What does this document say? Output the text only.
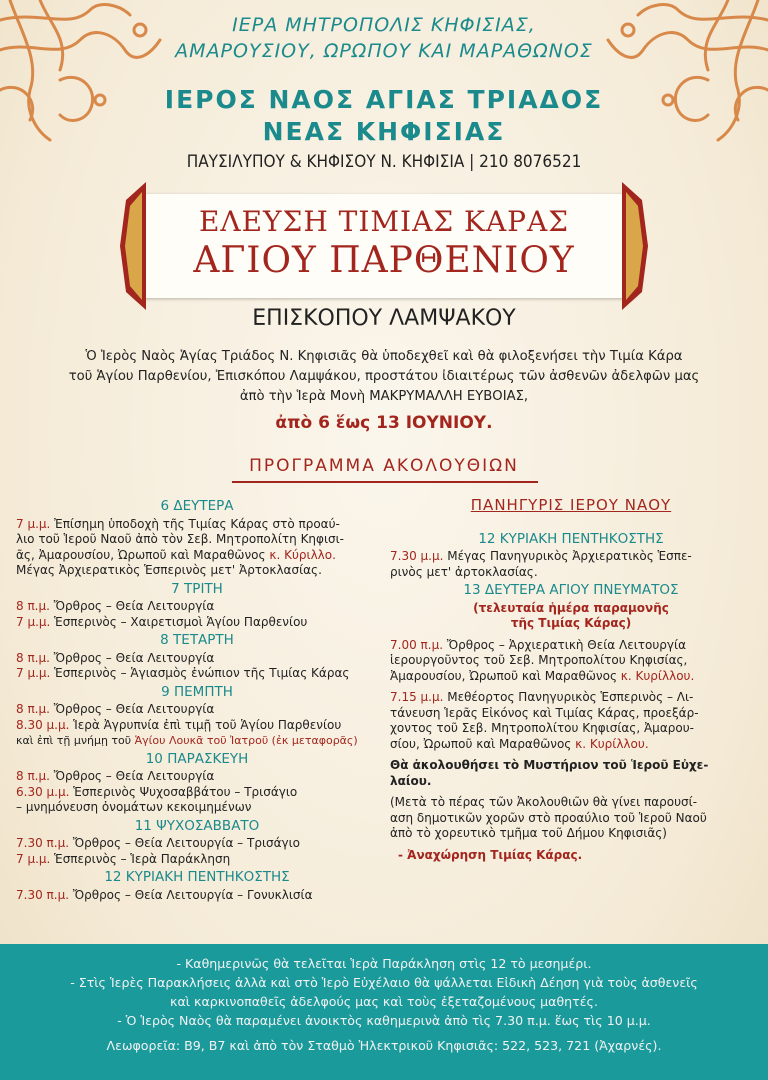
ΙΕΡΑ ΜΗΤΡΟΠΟΛΙΣ ΚΗΦΙΣΙΑΣ,
ΑΜΑΡΟΥΣΙΟΥ, ΩΡΩΠΟΥ ΚΑΙ ΜΑΡΑΘΩΝΟΣ
ΙΕΡΟΣ ΝΑΟΣ ΑΓΙΑΣ ΤΡΙΑΔΟΣ
ΝΕΑΣ ΚΗΦΙΣΙΑΣ
ΠΑΥΣΙΛΥΠΟΥ & ΚΗΦΙΣΟΥ Ν. ΚΗΦΙΣΙΑ | 210 8076521
ΕΛΕΥΣΗ ΤΙΜΙΑΣ ΚΑΡΑΣ
ΑΓΙΟΥ ΠΑΡΘΕΝΙΟΥ
ΕΠΙΣΚΟΠΟΥ ΛΑΜΨΑΚΟΥ
Ὁ Ἱερὸς Ναὸς Ἁγίας Τριάδος Ν. Κηφισιᾶς θὰ ὑποδεχθεῖ καὶ θὰ φιλοξενήσει τὴν Τιμία Κάρα
τοῦ Ἁγίου Παρθενίου, Ἐπισκόπου Λαμψάκου, προστάτου ἰδιαιτέρως τῶν ἀσθενῶν ἀδελφῶν μας
ἀπὸ τὴν Ἱερὰ Μονὴ ΜΑΚΡΥΜΑΛΛΗ ΕΥΒΟΙΑΣ,
ἀπὸ 6 ἕως 13 ΙΟΥΝΙΟΥ.
ΠΡΟΓΡΑΜΜΑ ΑΚΟΛΟΥΘΙΩΝ
6 ΔΕΥΤΕΡΑ
7 μ.μ. Ἐπίσημη ὑποδοχὴ τῆς Τιμίας Κάρας στὸ προαύ-
λιο τοῦ Ἱεροῦ Ναοῦ ἀπὸ τὸν Σεβ. Μητροπολίτη Κηφισι-
ᾶς, Ἀμαρουσίου, Ὠρωποῦ καὶ Μαραθῶνος κ. Κύριλλο.
Μέγας Ἀρχιερατικὸς Ἑσπερινὸς μετ' Ἀρτοκλασίας.
7 ΤΡΙΤΗ
8 π.μ. Ὄρθρος – Θεία Λειτουργία
7 μ.μ. Ἑσπερινὸς – Χαιρετισμοὶ Ἁγίου Παρθενίου
8 ΤΕΤΑΡΤΗ
8 π.μ. Ὄρθρος – Θεία Λειτουργία
7 μ.μ. Ἑσπερινὸς – Ἁγιασμὸς ἐνώπιον τῆς Τιμίας Κάρας
9 ΠΕΜΠΤΗ
8 π.μ. Ὄρθρος – Θεία Λειτουργία
8.30 μ.μ. Ἱερὰ Ἀγρυπνία ἐπὶ τιμῇ τοῦ Ἁγίου Παρθενίου
καὶ ἐπὶ τῇ μνήμῃ τοῦ Ἁγίου Λουκᾶ τοῦ Ἰατροῦ (ἐκ μεταφορᾶς)
10 ΠΑΡΑΣΚΕΥΗ
8 π.μ. Ὄρθρος – Θεία Λειτουργία
6.30 μ.μ. Ἑσπερινὸς Ψυχοσαββάτου – Τρισάγιο
– μνημόνευση ὀνομάτων κεκοιμημένων
11 ΨΥΧΟΣΑΒΒΑΤΟ
7.30 π.μ. Ὄρθρος – Θεία Λειτουργία – Τρισάγιο
7 μ.μ. Ἑσπερινὸς – Ἱερὰ Παράκληση
12 ΚΥΡΙΑΚΗ ΠΕΝΤΗΚΟΣΤΗΣ
7.30 π.μ. Ὄρθρος – Θεία Λειτουργία – Γονυκλισία
ΠΑΝΗΓΥΡΙΣ ΙΕΡΟΥ ΝΑΟΥ
12 ΚΥΡΙΑΚΗ ΠΕΝΤΗΚΟΣΤΗΣ
7.30 μ.μ. Μέγας Πανηγυρικὸς Ἀρχιερατικὸς Ἑσπε-
ρινὸς μετ' ἀρτοκλασίας.
13 ΔΕΥΤΕΡΑ ΑΓΙΟΥ ΠΝΕΥΜΑΤΟΣ
(τελευταία ἡμέρα παραμονῆς
τῆς Τιμίας Κάρας)
7.00 π.μ. Ὄρθρος – Ἀρχιερατικὴ Θεία Λειτουργία
ἱερουργοῦντος τοῦ Σεβ. Μητροπολίτου Κηφισίας,
Ἀμαρουσίου, Ὠρωποῦ καὶ Μαραθῶνος κ. Κυρίλλου.
7.15 μ.μ. Μεθέορτος Πανηγυρικὸς Ἑσπερινὸς – Λι-
τάνευση Ἱερᾶς Εἰκόνος καὶ Τιμίας Κάρας, προεξάρ-
χοντος τοῦ Σεβ. Μητροπολίτου Κηφισίας, Ἀμαρου-
σίου, Ὠρωποῦ καὶ Μαραθῶνος κ. Κυρίλλου.
Θὰ ἀκολουθήσει τὸ Μυστήριον τοῦ Ἱεροῦ Εὐχε-
λαίου.
(Μετὰ τὸ πέρας τῶν Ἀκολουθιῶν θὰ γίνει παρουσί-
αση δημοτικῶν χορῶν στὸ προαύλιο τοῦ Ἱεροῦ Ναοῦ
ἀπὸ τὸ χορευτικὸ τμῆμα τοῦ Δήμου Κηφισιᾶς)
- Ἀναχώρηση Τιμίας Κάρας.
- Καθημερινῶς θὰ τελεῖται Ἱερὰ Παράκληση στὶς 12 τὸ μεσημέρι.
- Στὶς Ἱερὲς Παρακλήσεις ἀλλὰ καὶ στὸ Ἱερὸ Εὐχέλαιο θὰ ψάλλεται Εἰδικὴ Δέηση γιὰ τοὺς ἀσθενεῖς
καὶ καρκινοπαθεῖς ἀδελφούς μας καὶ τοὺς ἐξεταζομένους μαθητές.
- Ὁ Ἱερὸς Ναὸς θὰ παραμένει ἀνοικτὸς καθημερινὰ ἀπὸ τὶς 7.30 π.μ. ἕως τὶς 10 μ.μ.
Λεωφορεῖα: Β9, Β7 καὶ ἀπὸ τὸν Σταθμὸ Ἠλεκτρικοῦ Κηφισιᾶς: 522, 523, 721 (Ἀχαρνές).
